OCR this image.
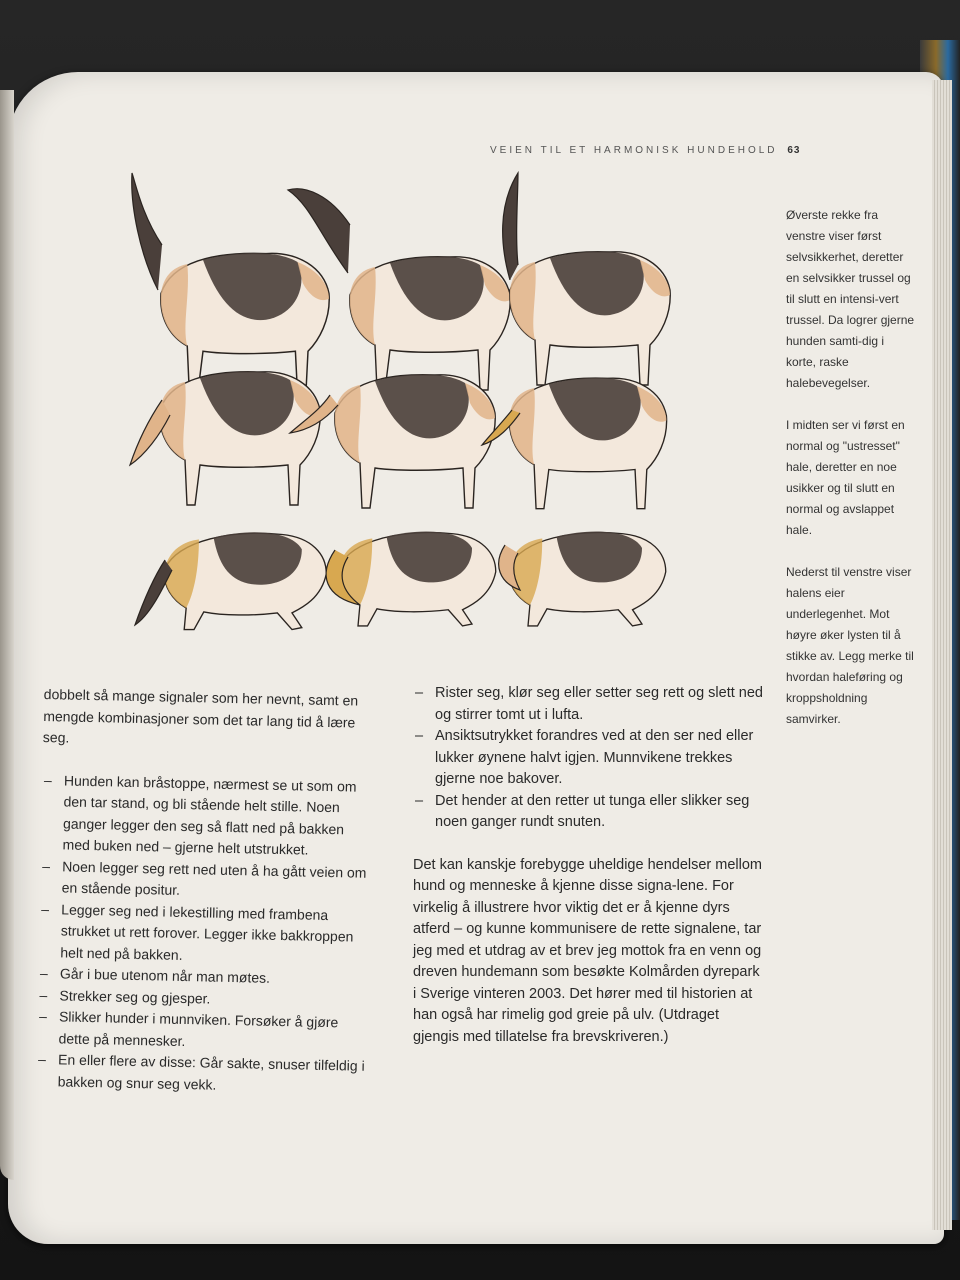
VEIEN TIL ET HARMONISK HUNDEHOLD 63

Øverste rekke fra venstre viser først selvsikkerhet, deretter en selvsikker trussel og til slutt en intensi-vert trussel. Da logrer gjerne hunden samti-dig i korte, raske halebevegelser.

I midten ser vi først en normal og "ustresset" hale, deretter en noe usikker og til slutt en normal og avslappet hale.

Nederst til venstre viser halens eier underlegenhet. Mot høyre øker lysten til å stikke av. Legg merke til hvordan haleføring og kroppsholdning samvirker.

dobbelt så mange signaler som her nevnt, samt en mengde kombinasjoner som det tar lang tid å lære seg.

– Hunden kan bråstoppe, nærmest se ut som om den tar stand, og bli stående helt stille. Noen ganger legger den seg så flatt ned på bakken med buken ned – gjerne helt utstrukket.
– Noen legger seg rett ned uten å ha gått veien om en stående positur.
– Legger seg ned i lekestilling med frambena strukket ut rett forover. Legger ikke bakkroppen helt ned på bakken.
– Går i bue utenom når man møtes.
– Strekker seg og gjesper.
– Slikker hunder i munnviken. Forsøker å gjøre dette på mennesker.
– En eller flere av disse: Går sakte, snuser tilfeldig i bakken og snur seg vekk.
– Rister seg, klør seg eller setter seg rett og slett ned og stirrer tomt ut i lufta.
– Ansiktsutrykket forandres ved at den ser ned eller lukker øynene halvt igjen. Munnvikene trekkes gjerne noe bakover.
– Det hender at den retter ut tunga eller slikker seg noen ganger rundt snuten.

Det kan kanskje forebygge uheldige hendelser mellom hund og menneske å kjenne disse signa-lene. For virkelig å illustrere hvor viktig det er å kjenne dyrs atferd – og kunne kommunisere de rette signalene, tar jeg med et utdrag av et brev jeg mottok fra en venn og dreven hundemann som besøkte Kolmården dyrepark i Sverige vinteren 2003. Det hører med til historien at han også har rimelig god greie på ulv. (Utdraget gjengis med tillatelse fra brevskriveren.)
